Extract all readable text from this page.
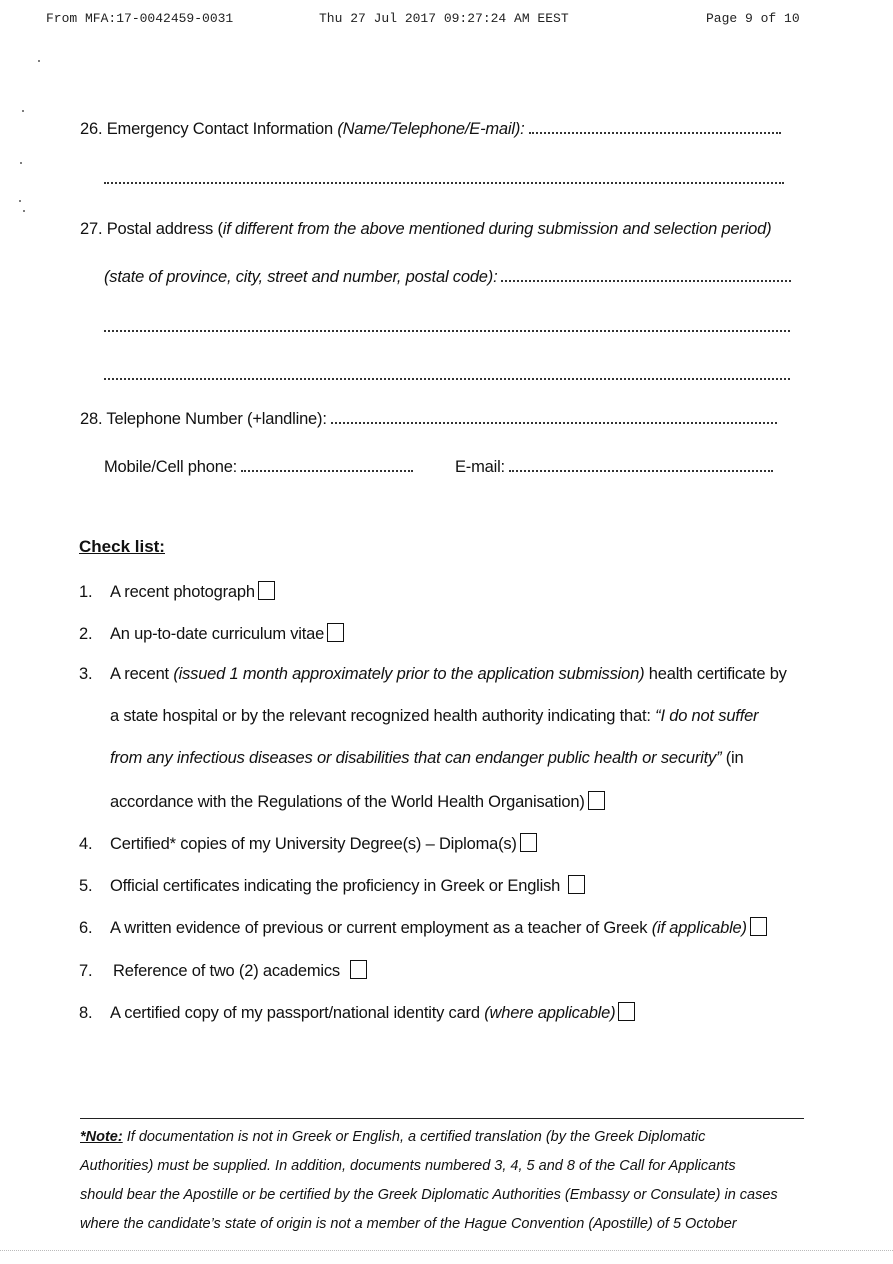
From MFA:17-0042459-0031	Thu 27 Jul 2017 09:27:24 AM EEST	Page 9 of 10
26. Emergency Contact Information (Name/Telephone/E-mail):
27. Postal address (if different from the above mentioned during submission and selection period)
(state of province, city, street and number, postal code):
28. Telephone Number (+landline):
Mobile/Cell phone:	E-mail:
Check list:
1. A recent photograph
2. An up-to-date curriculum vitae
3. A recent (issued 1 month approximately prior to the application submission) health certificate by
a state hospital or by the relevant recognized health authority indicating that: “I do not suffer
from any infectious diseases or disabilities that can endanger public health or security” (in
accordance with the Regulations of the World Health Organisation)
4. Certified* copies of my University Degree(s) – Diploma(s)
5. Official certificates indicating the proficiency in Greek or English
6. A written evidence of previous or current employment as a teacher of Greek (if applicable)
7. Reference of two (2) academics
8. A certified copy of my passport/national identity card (where applicable)
*Note: If documentation is not in Greek or English, a certified translation (by the Greek Diplomatic
Authorities) must be supplied. In addition, documents numbered 3, 4, 5 and 8 of the Call for Applicants
should bear the Apostille or be certified by the Greek Diplomatic Authorities (Embassy or Consulate) in cases
where the candidate’s state of origin is not a member of the Hague Convention (Apostille) of 5 October
